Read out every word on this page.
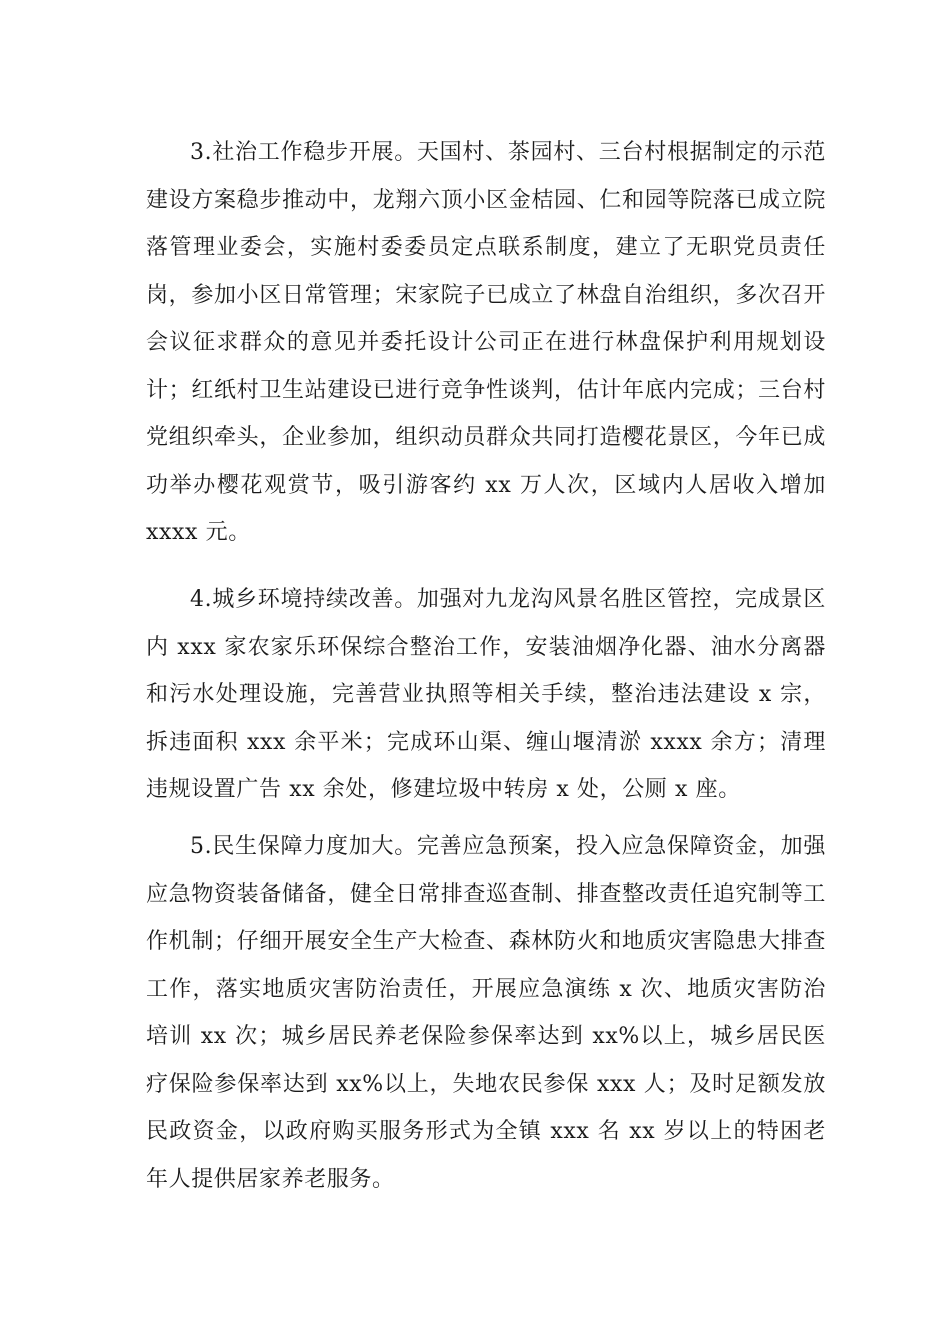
3.社治工作稳步开展。天国村、茶园村、三台村根据制定的示范建设方案稳步推动中，龙翔六顶小区金桔园、仁和园等院落已成立院落管理业委会，实施村委委员定点联系制度，建立了无职党员责任岗，参加小区日常管理；宋家院子已成立了林盘自治组织，多次召开会议征求群众的意见并委托设计公司正在进行林盘保护利用规划设计；红纸村卫生站建设已进行竞争性谈判，估计年底内完成；三台村党组织牵头，企业参加，组织动员群众共同打造樱花景区，今年已成功举办樱花观赏节，吸引游客约 xx 万人次，区域内人居收入增加 xxxx 元。

4.城乡环境持续改善。加强对九龙沟风景名胜区管控，完成景区内 xxx 家农家乐环保综合整治工作，安装油烟净化器、油水分离器和污水处理设施，完善营业执照等相关手续，整治违法建设 x 宗，拆违面积 xxx 余平米；完成环山渠、缠山堰清淤 xxxx 余方；清理违规设置广告 xx 余处，修建垃圾中转房 x 处，公厕 x 座。

5.民生保障力度加大。完善应急预案，投入应急保障资金，加强应急物资装备储备，健全日常排查巡查制、排查整改责任追究制等工作机制；仔细开展安全生产大检查、森林防火和地质灾害隐患大排查工作，落实地质灾害防治责任，开展应急演练 x 次、地质灾害防治培训 xx 次；城乡居民养老保险参保率达到 xx%以上，城乡居民医疗保险参保率达到 xx%以上，失地农民参保 xxx 人；及时足额发放民政资金，以政府购买服务形式为全镇 xxx 名 xx 岁以上的特困老年人提供居家养老服务。
